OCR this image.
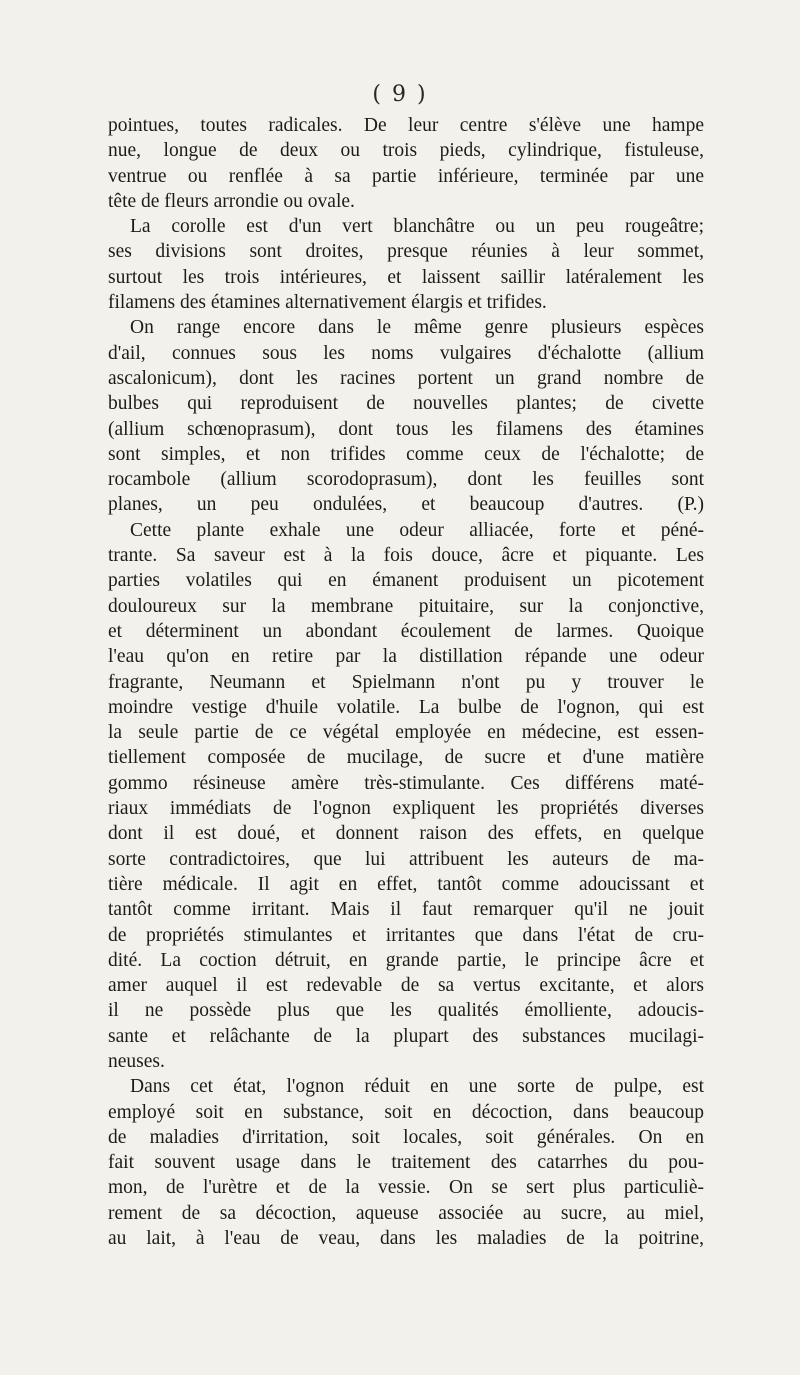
( 9 )
pointues, toutes radicales. De leur centre s'élève une hampe
nue, longue de deux ou trois pieds, cylindrique, fistuleuse,
ventrue ou renflée à sa partie inférieure, terminée par une
tête de fleurs arrondie ou ovale.
La corolle est d'un vert blanchâtre ou un peu rougeâtre;
ses divisions sont droites, presque réunies à leur sommet,
surtout les trois intérieures, et laissent saillir latéralement les
filamens des étamines alternativement élargis et trifides.
On range encore dans le même genre plusieurs espèces
d'ail, connues sous les noms vulgaires d'échalotte (allium
ascalonicum), dont les racines portent un grand nombre de
bulbes qui reproduisent de nouvelles plantes; de civette
(allium schœnoprasum), dont tous les filamens des étamines
sont simples, et non trifides comme ceux de l'échalotte; de
rocambole (allium scorodoprasum), dont les feuilles sont
planes, un peu ondulées, et beaucoup d'autres. (P.)
Cette plante exhale une odeur alliacée, forte et péné-
trante. Sa saveur est à la fois douce, âcre et piquante. Les
parties volatiles qui en émanent produisent un picotement
douloureux sur la membrane pituitaire, sur la conjonctive,
et déterminent un abondant écoulement de larmes. Quoique
l'eau qu'on en retire par la distillation répande une odeur
fragrante, Neumann et Spielmann n'ont pu y trouver le
moindre vestige d'huile volatile. La bulbe de l'ognon, qui est
la seule partie de ce végétal employée en médecine, est essen-
tiellement composée de mucilage, de sucre et d'une matière
gommo résineuse amère très-stimulante. Ces différens maté-
riaux immédiats de l'ognon expliquent les propriétés diverses
dont il est doué, et donnent raison des effets, en quelque
sorte contradictoires, que lui attribuent les auteurs de ma-
tière médicale. Il agit en effet, tantôt comme adoucissant et
tantôt comme irritant. Mais il faut remarquer qu'il ne jouit
de propriétés stimulantes et irritantes que dans l'état de cru-
dité. La coction détruit, en grande partie, le principe âcre et
amer auquel il est redevable de sa vertus excitante, et alors
il ne possède plus que les qualités émolliente, adoucis-
sante et relâchante de la plupart des substances mucilagi-
neuses.
Dans cet état, l'ognon réduit en une sorte de pulpe, est
employé soit en substance, soit en décoction, dans beaucoup
de maladies d'irritation, soit locales, soit générales. On en
fait souvent usage dans le traitement des catarrhes du pou-
mon, de l'urètre et de la vessie. On se sert plus particuliè-
rement de sa décoction, aqueuse associée au sucre, au miel,
au lait, à l'eau de veau, dans les maladies de la poitrine,
